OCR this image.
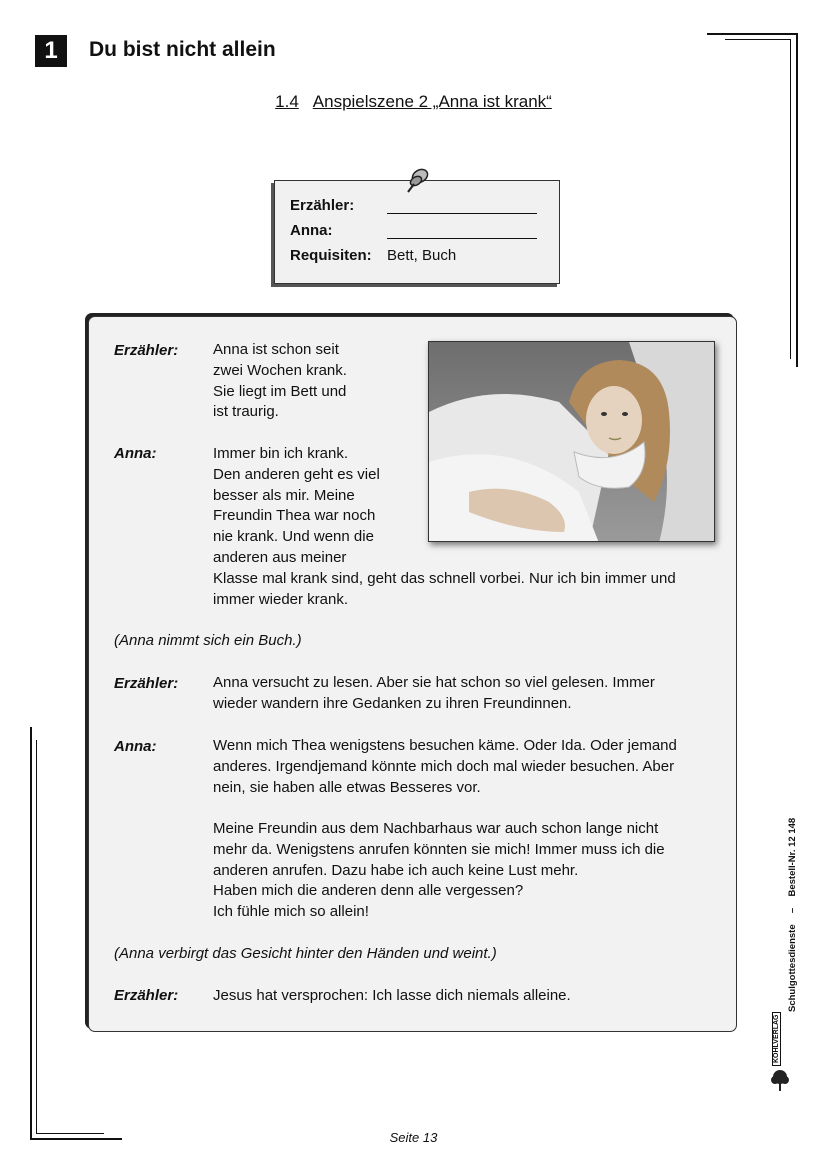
1	Du bist nicht allein
1.4 Anspielszene 2 „Anna ist krank“
Erzähler:
Anna:
Requisiten: Bett, Buch
Erzähler: Anna ist schon seit
zwei Wochen krank.
Sie liegt im Bett und
ist traurig.
Anna:	Immer bin ich krank.
Den anderen geht es viel
besser als mir. Meine
Freundin Thea war noch
nie krank. Und wenn die
anderen aus meiner
Klasse mal krank sind, geht das schnell vorbei. Nur ich bin immer und
immer wieder krank.
(Anna nimmt sich ein Buch.)
Erzähler: Anna versucht zu lesen. Aber sie hat schon so viel gelesen. Immer
wieder wandern ihre Gedanken zu ihren Freundinnen.
Anna:	Wenn mich Thea wenigstens besuchen käme. Oder Ida. Oder jemand
anderes. Irgendjemand könnte mich doch mal wieder besuchen. Aber
nein, sie haben alle etwas Besseres vor.
Meine Freundin aus dem Nachbarhaus war auch schon lange nicht
mehr da. Wenigstens anrufen könnten sie mich! Immer muss ich die
anderen anrufen. Dazu habe ich auch keine Lust mehr.
Haben mich die anderen denn alle vergessen?
Ich fühle mich so allein!
(Anna verbirgt das Gesicht hinter den Händen und weint.)
Erzähler: Jesus hat versprochen: Ich lasse dich niemals alleine.	Schulgottesdienste  –  Bestell-Nr. 12 148
KOHLVERLAG
Seite 13
